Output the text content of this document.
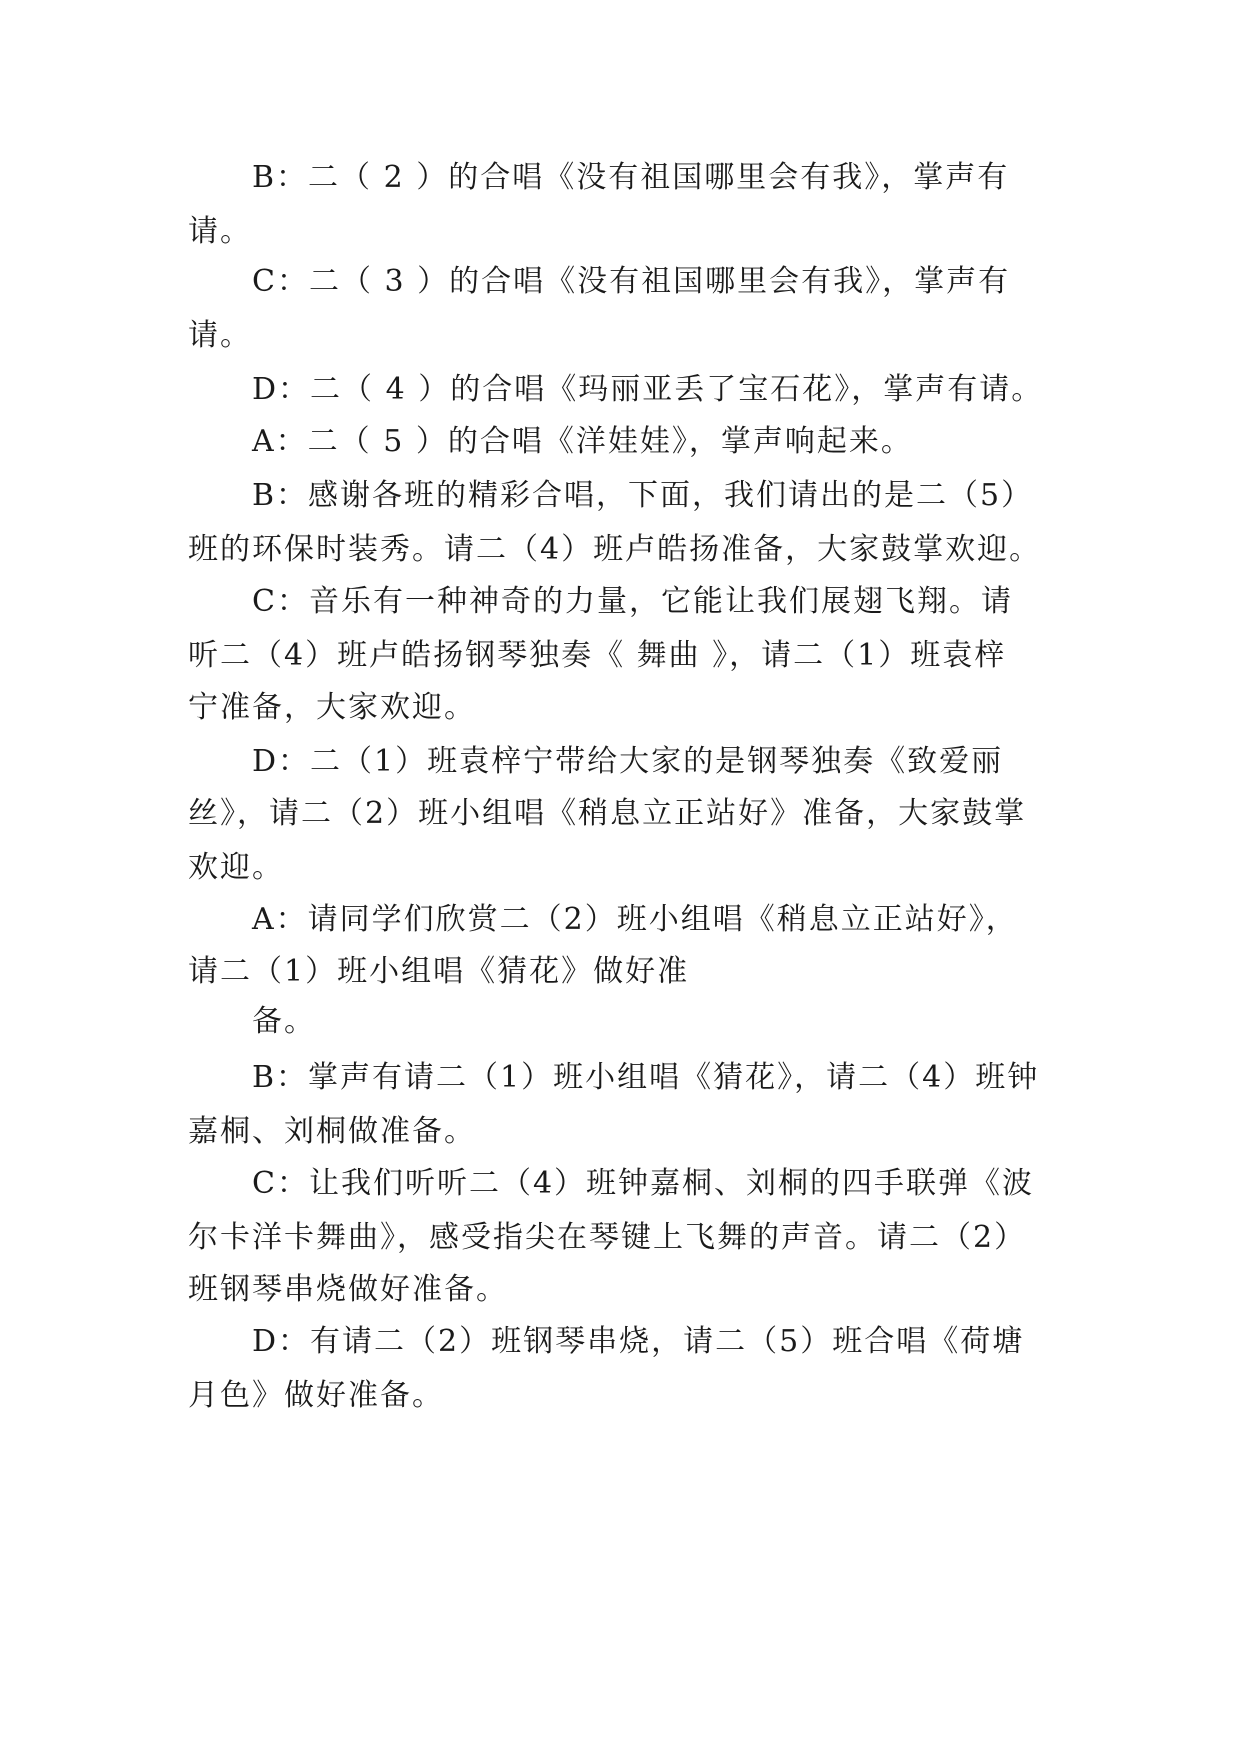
B：二（ 2 ）的合唱《没有祖国哪里会有我》，掌声有
请。
C：二（ 3 ）的合唱《没有祖国哪里会有我》，掌声有
请。
D：二（ 4 ）的合唱《玛丽亚丢了宝石花》，掌声有请。
A：二（ 5 ）的合唱《洋娃娃》，掌声响起来。
B：感谢各班的精彩合唱，下面，我们请出的是二（5）
班的环保时装秀。请二（4）班卢皓扬准备，大家鼓掌欢迎。
C：音乐有一种神奇的力量，它能让我们展翅飞翔。请
听二（4）班卢皓扬钢琴独奏《 舞曲 》，请二（1）班袁梓
宁准备，大家欢迎。
D：二（1）班袁梓宁带给大家的是钢琴独奏《致爱丽
丝》，请二（2）班小组唱《稍息立正站好》准备，大家鼓掌
欢迎。
A：请同学们欣赏二（2）班小组唱《稍息立正站好》，
请二（1）班小组唱《猜花》做好准
备。
B：掌声有请二（1）班小组唱《猜花》，请二（4）班钟
嘉桐、刘桐做准备。
C：让我们听听二（4）班钟嘉桐、刘桐的四手联弹《波
尔卡洋卡舞曲》，感受指尖在琴键上飞舞的声音。请二（2）
班钢琴串烧做好准备。
D：有请二（2）班钢琴串烧，请二（5）班合唱《荷塘
月色》做好准备。
